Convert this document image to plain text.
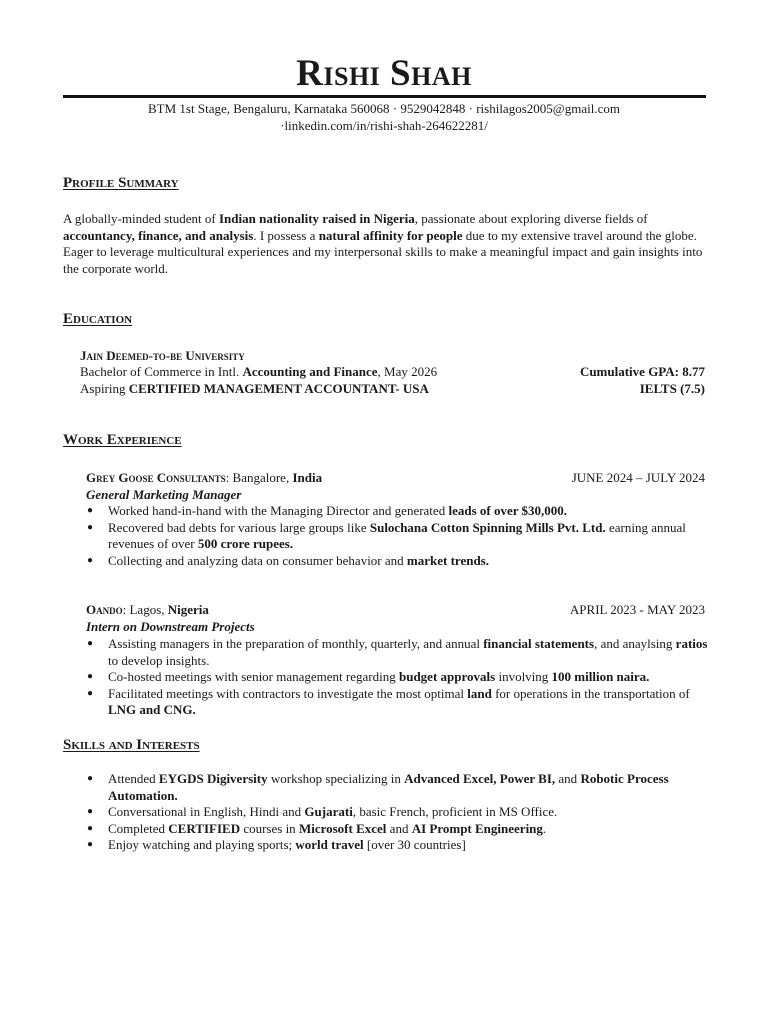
Rishi Shah
BTM 1st Stage, Bengaluru, Karnataka 560068 · 9529042848 · rishilagos2005@gmail.com
·linkedin.com/in/rishi-shah-264622281/
Profile Summary
A globally-minded student of Indian nationality raised in Nigeria, passionate about exploring diverse fields of accountancy, finance, and analysis. I possess a natural affinity for people due to my extensive travel around the globe. Eager to leverage multicultural experiences and my interpersonal skills to make a meaningful impact and gain insights into the corporate world.
Education
Jain Deemed-to-be University
Bachelor of Commerce in Intl. Accounting and Finance, May 2026	Cumulative GPA: 8.77
Aspiring CERTIFIED MANAGEMENT ACCOUNTANT- USA	IELTS (7.5)
Work Experience
Grey Goose Consultants: Bangalore, India	JUNE 2024 – JULY 2024
General Marketing Manager
● Worked hand-in-hand with the Managing Director and generated leads of over $30,000.
● Recovered bad debts for various large groups like Sulochana Cotton Spinning Mills Pvt. Ltd. earning annual revenues of over 500 crore rupees.
● Collecting and analyzing data on consumer behavior and market trends.
Oando: Lagos, Nigeria	APRIL 2023 - MAY 2023
Intern on Downstream Projects
● Assisting managers in the preparation of monthly, quarterly, and annual financial statements, and anaylsing ratios to develop insights.
● Co-hosted meetings with senior management regarding budget approvals involving 100 million naira.
● Facilitated meetings with contractors to investigate the most optimal land for operations in the transportation of LNG and CNG.
Skills and Interests
● Attended EYGDS Digiversity workshop specializing in Advanced Excel, Power BI, and Robotic Process Automation.
● Conversational in English, Hindi and Gujarati, basic French, proficient in MS Office.
● Completed CERTIFIED courses in Microsoft Excel and AI Prompt Engineering.
● Enjoy watching and playing sports; world travel [over 30 countries]
